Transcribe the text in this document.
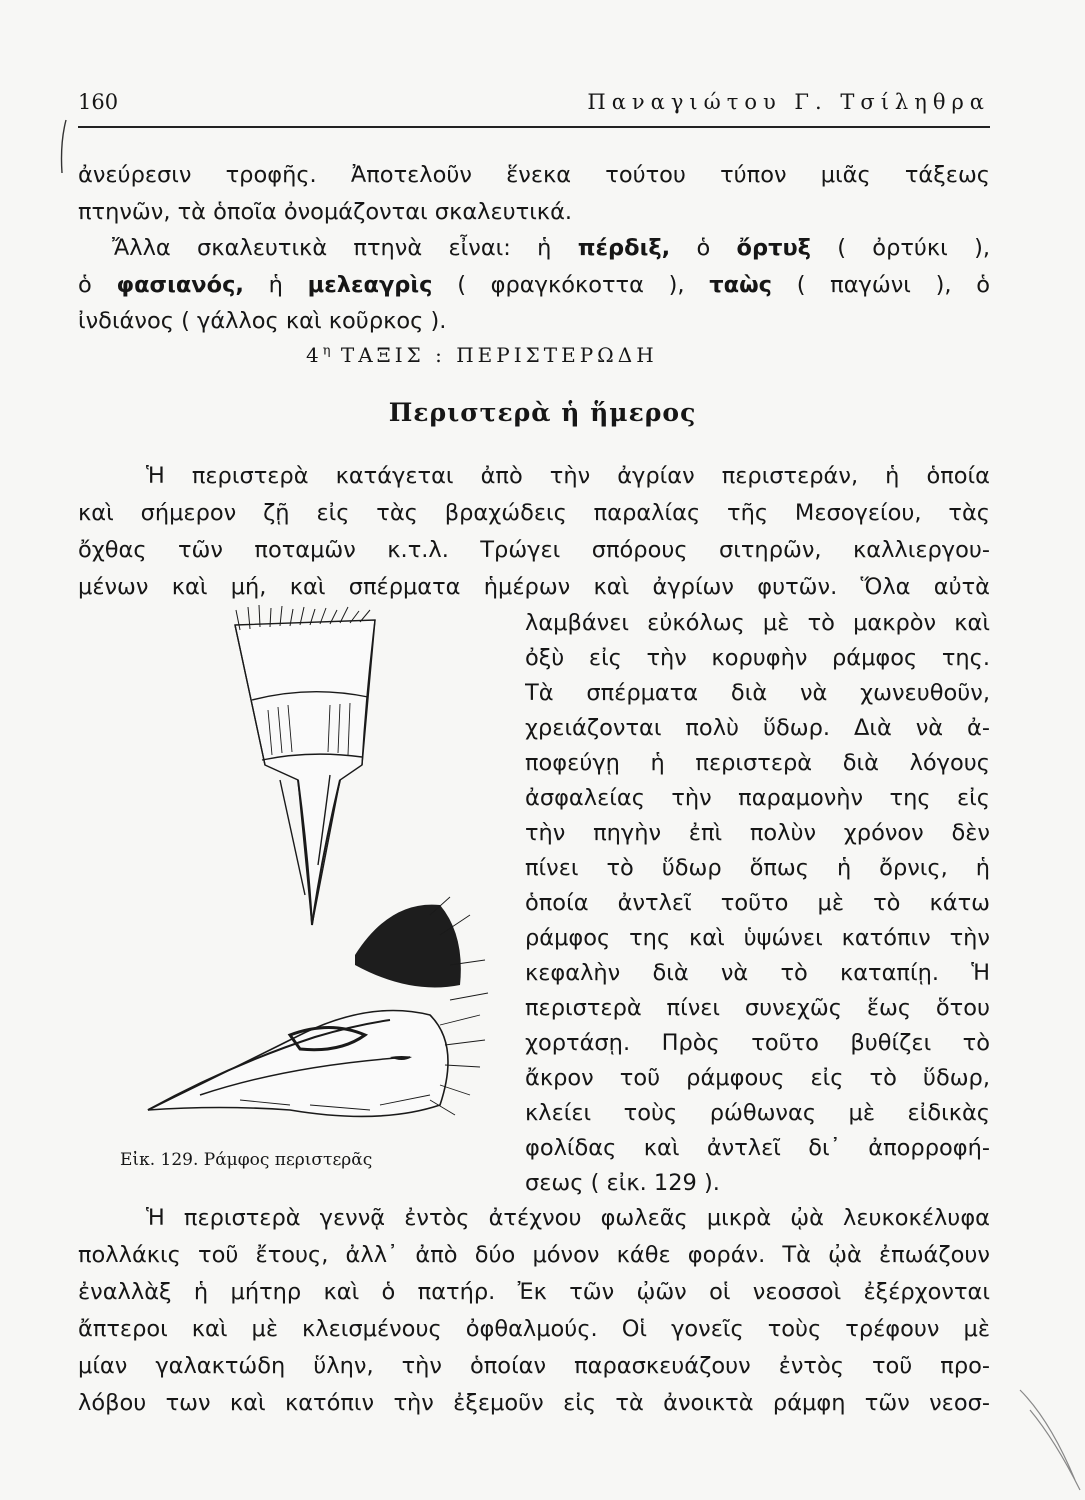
160	Παναγιώτου Γ. Τσίληθρα
ἀνεύρεσιν τροφῆς. Ἀποτελοῦν ἕνεκα τούτου τύπον μιᾶς τάξεως
πτηνῶν, τὰ ὁποῖα ὀνομάζονται σκαλευτικά.
Ἄλλα σκαλευτικὰ πτηνὰ εἶναι: ἡ πέρδιξ, ὁ ὄρτυξ ( ὀρτύκι ),
ὁ φασιανός, ἡ μελεαγρὶς ( φραγκόκοττα ), ταὼς ( παγώνι ), ὁ
ἰνδιάνος ( γάλλος καὶ κοῦρκος ).
$4^\eta$ ΤΑΞΙΣ : ΠΕΡΙΣΤΕΡΩΔΗ
Περιστερὰ ἡ ἥμερος
Ἡ περιστερὰ κατάγεται ἀπὸ τὴν ἀγρίαν περιστεράν, ἡ ὁποία
καὶ σήμερον ζῇ εἰς τὰς βραχώδεις παραλίας τῆς Μεσογείου, τὰς
ὄχθας τῶν ποταμῶν κ.τ.λ. Τρώγει σπόρους σιτηρῶν, καλλιεργου-
μένων καὶ μή, καὶ σπέρματα ἡμέρων καὶ ἀγρίων φυτῶν. Ὅλα αὐτὰ
λαμβάνει εὐκόλως μὲ τὸ μακρὸν καὶ
ὀξὺ εἰς τὴν κορυφὴν ράμφος της.
Τὰ σπέρματα διὰ νὰ χωνευθοῦν,
χρειάζονται πολὺ ὕδωρ. Διὰ νὰ ἀ-
ποφεύγῃ ἡ περιστερὰ διὰ λόγους
ἀσφαλείας τὴν παραμονὴν της εἰς
τὴν πηγὴν ἐπὶ πολὺν χρόνον δὲν
πίνει τὸ ὕδωρ ὅπως ἡ ὄρνις, ἡ
ὁποία ἀντλεῖ τοῦτο μὲ τὸ κάτω
ράμφος της καὶ ὑψώνει κατόπιν τὴν
κεφαλὴν διὰ νὰ τὸ καταπίῃ. Ἡ
περιστερὰ πίνει συνεχῶς ἕως ὅτου
χορτάσῃ. Πρὸς τοῦτο βυθίζει τὸ
ἄκρον τοῦ ράμφους εἰς τὸ ὕδωρ,
κλείει τοὺς ρώθωνας μὲ εἰδικὰς
φολίδας καὶ ἀντλεῖ δι᾿ ἀπορροφή-
σεως ( εἰκ. 129 ).
Εἰκ. 129. Ράμφος περιστερᾶς
Ἡ περιστερὰ γεννᾷ ἐντὸς ἀτέχνου φωλεᾶς μικρὰ ᾠὰ λευκοκέλυφα
πολλάκις τοῦ ἔτους, ἀλλ᾿ ἀπὸ δύο μόνον κάθε φοράν. Τὰ ᾠὰ ἐπωάζουν
ἐναλλὰξ ἡ μήτηρ καὶ ὁ πατήρ. Ἐκ τῶν ᾠῶν οἱ νεοσσοὶ ἐξέρχονται
ἄπτεροι καὶ μὲ κλεισμένους ὀφθαλμούς. Οἱ γονεῖς τοὺς τρέφουν μὲ
μίαν γαλακτώδη ὕλην, τὴν ὁποίαν παρασκευάζουν ἐντὸς τοῦ προ-
λόβου των καὶ κατόπιν τὴν ἐξεμοῦν εἰς τὰ ἀνοικτὰ ράμφη τῶν νεοσ-
